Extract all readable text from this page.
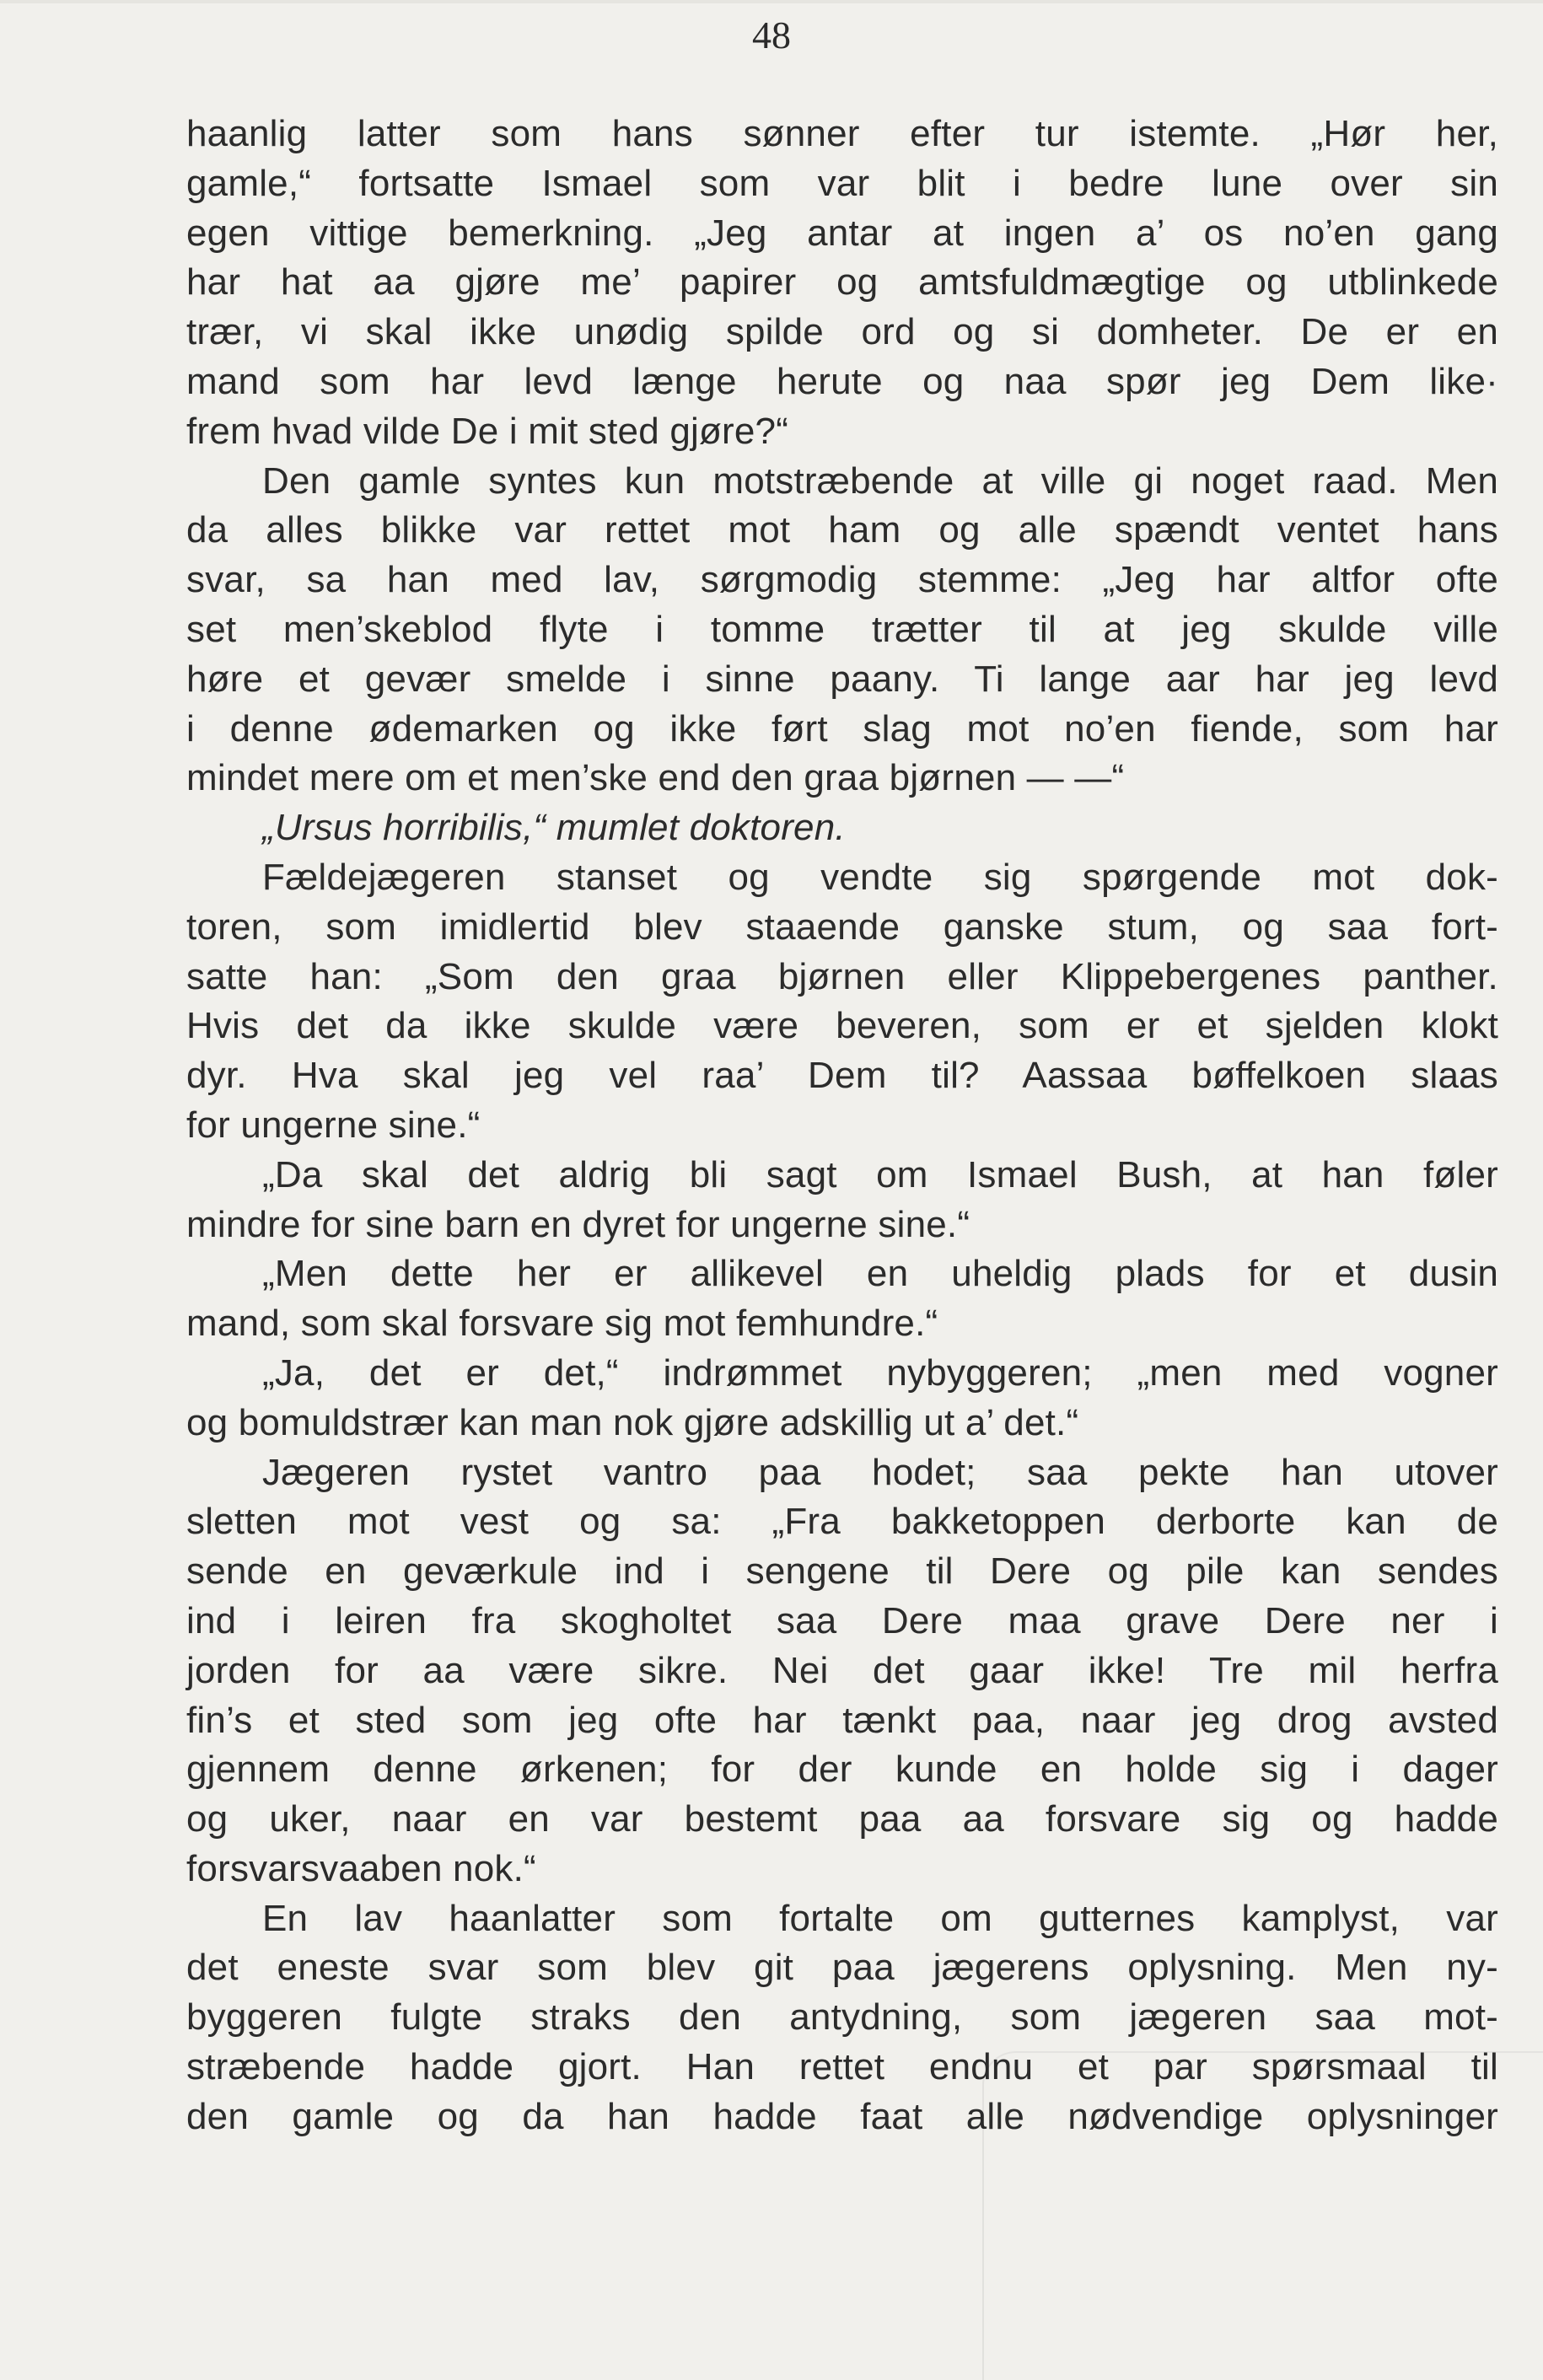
48
haanlig latter som hans sønner efter tur istemte. „Hør her,
gamle,“ fortsatte Ismael som var blit i bedre lune over sin
egen vittige bemerkning. „Jeg antar at ingen a’ os no’en gang
har hat aa gjøre me’ papirer og amtsfuldmægtige og utblinkede
trær, vi skal ikke unødig spilde ord og si domheter. De er en
mand som har levd længe herute og naa spør jeg Dem like·
frem hvad vilde De i mit sted gjøre?“
Den gamle syntes kun motstræbende at ville gi noget raad. Men
da alles blikke var rettet mot ham og alle spændt ventet hans
svar, sa han med lav, sørgmodig stemme: „Jeg har altfor ofte
set men’skeblod flyte i tomme trætter til at jeg skulde ville
høre et gevær smelde i sinne paany. Ti lange aar har jeg levd
i denne ødemarken og ikke ført slag mot no’en fiende, som har
mindet mere om et men’ske end den graa bjørnen — —“
„Ursus horribilis,“ mumlet doktoren.
Fældejægeren stanset og vendte sig spørgende mot dok-
toren, som imidlertid blev staaende ganske stum, og saa fort-
satte han: „Som den graa bjørnen eller Klippebergenes panther.
Hvis det da ikke skulde være beveren, som er et sjelden klokt
dyr. Hva skal jeg vel raa’ Dem til? Aassaa bøffelkoen slaas
for ungerne sine.“
„Da skal det aldrig bli sagt om Ismael Bush, at han føler
mindre for sine barn en dyret for ungerne sine.“
„Men dette her er allikevel en uheldig plads for et dusin
mand, som skal forsvare sig mot femhundre.“
„Ja, det er det,“ indrømmet nybyggeren; „men med vogner
og bomuldstrær kan man nok gjøre adskillig ut a’ det.“
Jægeren rystet vantro paa hodet; saa pekte han utover
sletten mot vest og sa: „Fra bakketoppen derborte kan de
sende en geværkule ind i sengene til Dere og pile kan sendes
ind i leiren fra skogholtet saa Dere maa grave Dere ner i
jorden for aa være sikre. Nei det gaar ikke! Tre mil herfra
fin’s et sted som jeg ofte har tænkt paa, naar jeg drog avsted
gjennem denne ørkenen; for der kunde en holde sig i dager
og uker, naar en var bestemt paa aa forsvare sig og hadde
forsvarsvaaben nok.“
En lav haanlatter som fortalte om gutternes kamplyst, var
det eneste svar som blev git paa jægerens oplysning. Men ny-
byggeren fulgte straks den antydning, som jægeren saa mot-
stræbende hadde gjort. Han rettet endnu et par spørsmaal til
den gamle og da han hadde faat alle nødvendige oplysninger
